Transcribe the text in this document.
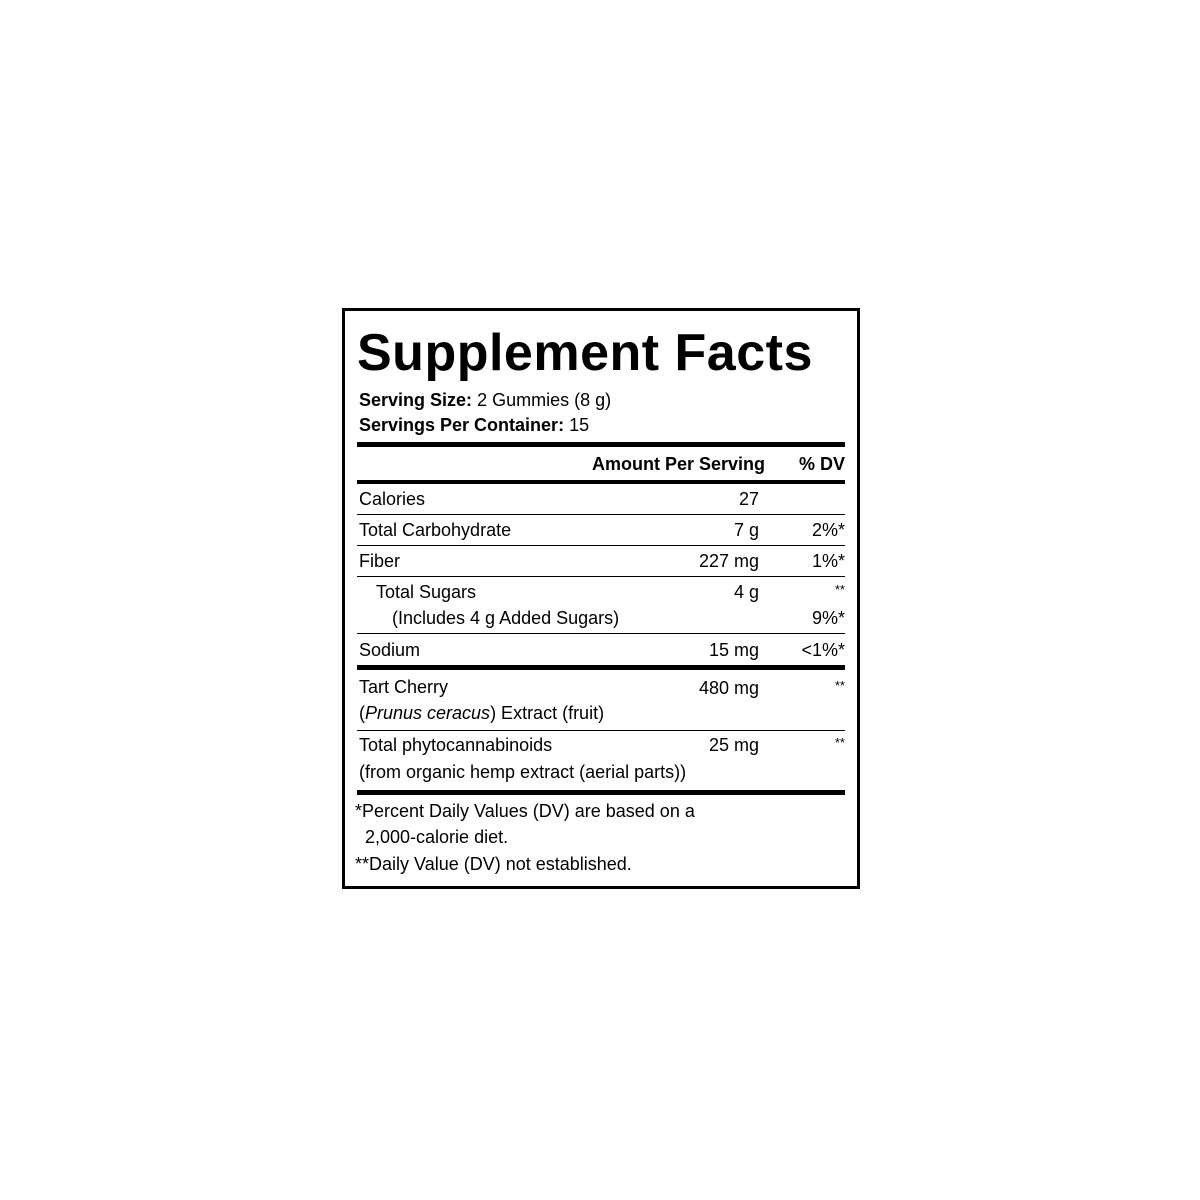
Supplement Facts
Serving Size: 2 Gummies (8 g)
Servings Per Container: 15
Amount Per Serving % DV
Calories	27
Total Carbohydrate	7 g	2%*
Fiber	227 mg	1%*
Total Sugars	4 g	**
(Includes 4 g Added Sugars)	9%*
Sodium	15 mg <1%*
Tart Cherry	480 mg	**
(Prunus ceracus) Extract (fruit)
Total phytocannabinoids	25 mg	**
(from organic hemp extract (aerial parts))
*Percent Daily Values (DV) are based on a
2,000-calorie diet.
**Daily Value (DV) not established.
